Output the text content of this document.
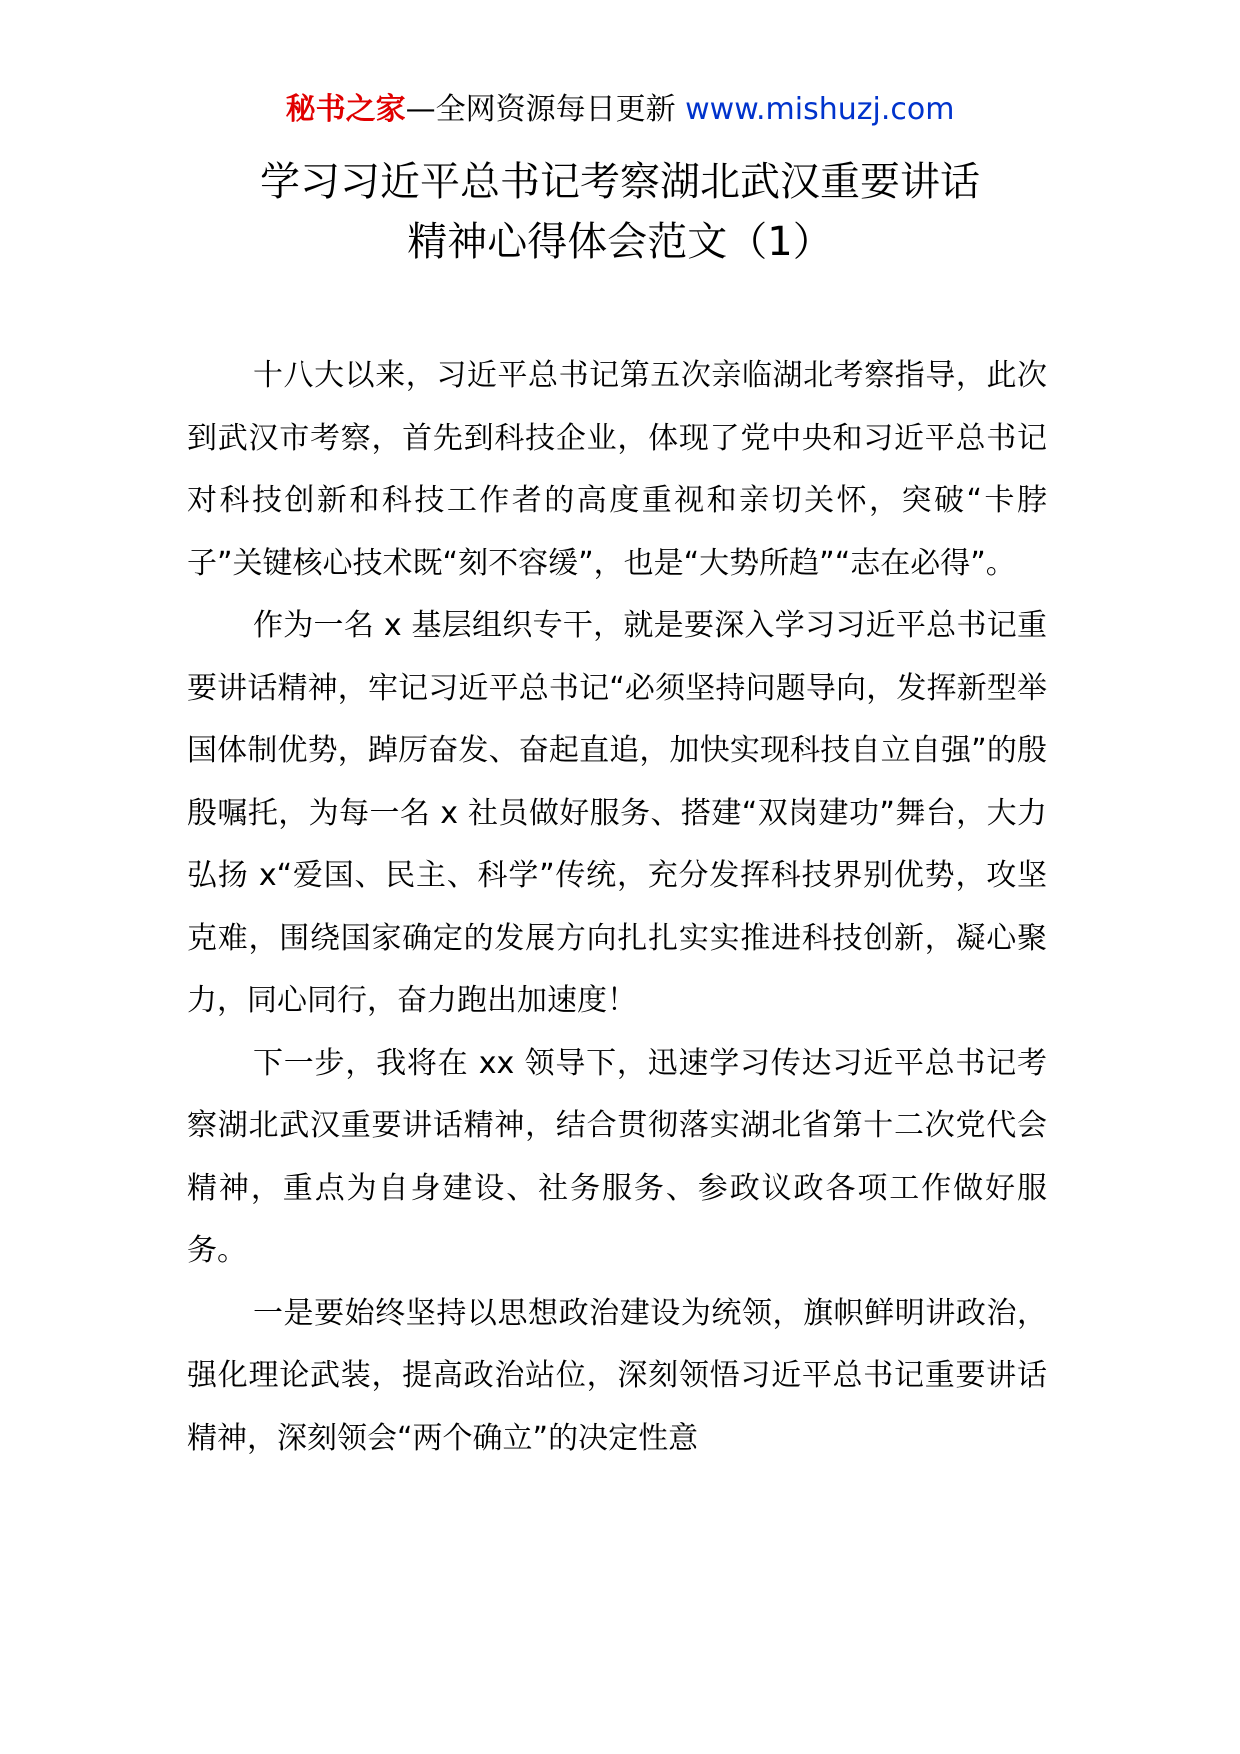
秘书之家—全网资源每日更新 www.mishuzj.com
学习习近平总书记考察湖北武汉重要讲话
精神心得体会范文（1）

十八大以来，习近平总书记第五次亲临湖北考察指导，此次到武汉市考察，首先到科技企业，体现了党中央和习近平总书记对科技创新和科技工作者的高度重视和亲切关怀，突破“卡脖子”关键核心技术既“刻不容缓”，也是“大势所趋”“志在必得”。

作为一名 x 基层组织专干，就是要深入学习习近平总书记重要讲话精神，牢记习近平总书记“必须坚持问题导向，发挥新型举国体制优势，踔厉奋发、奋起直追，加快实现科技自立自强”的殷殷嘱托，为每一名 x 社员做好服务、搭建“双岗建功”舞台，大力弘扬 x“爱国、民主、科学”传统，充分发挥科技界别优势，攻坚克难，围绕国家确定的发展方向扎扎实实推进科技创新，凝心聚力，同心同行，奋力跑出加速度！

下一步，我将在 xx 领导下，迅速学习传达习近平总书记考察湖北武汉重要讲话精神，结合贯彻落实湖北省第十二次党代会精神，重点为自身建设、社务服务、参政议政各项工作做好服务。

一是要始终坚持以思想政治建设为统领，旗帜鲜明讲政治，强化理论武装，提高政治站位，深刻领悟习近平总书记重要讲话精神，深刻领会“两个确立”的决定性意
